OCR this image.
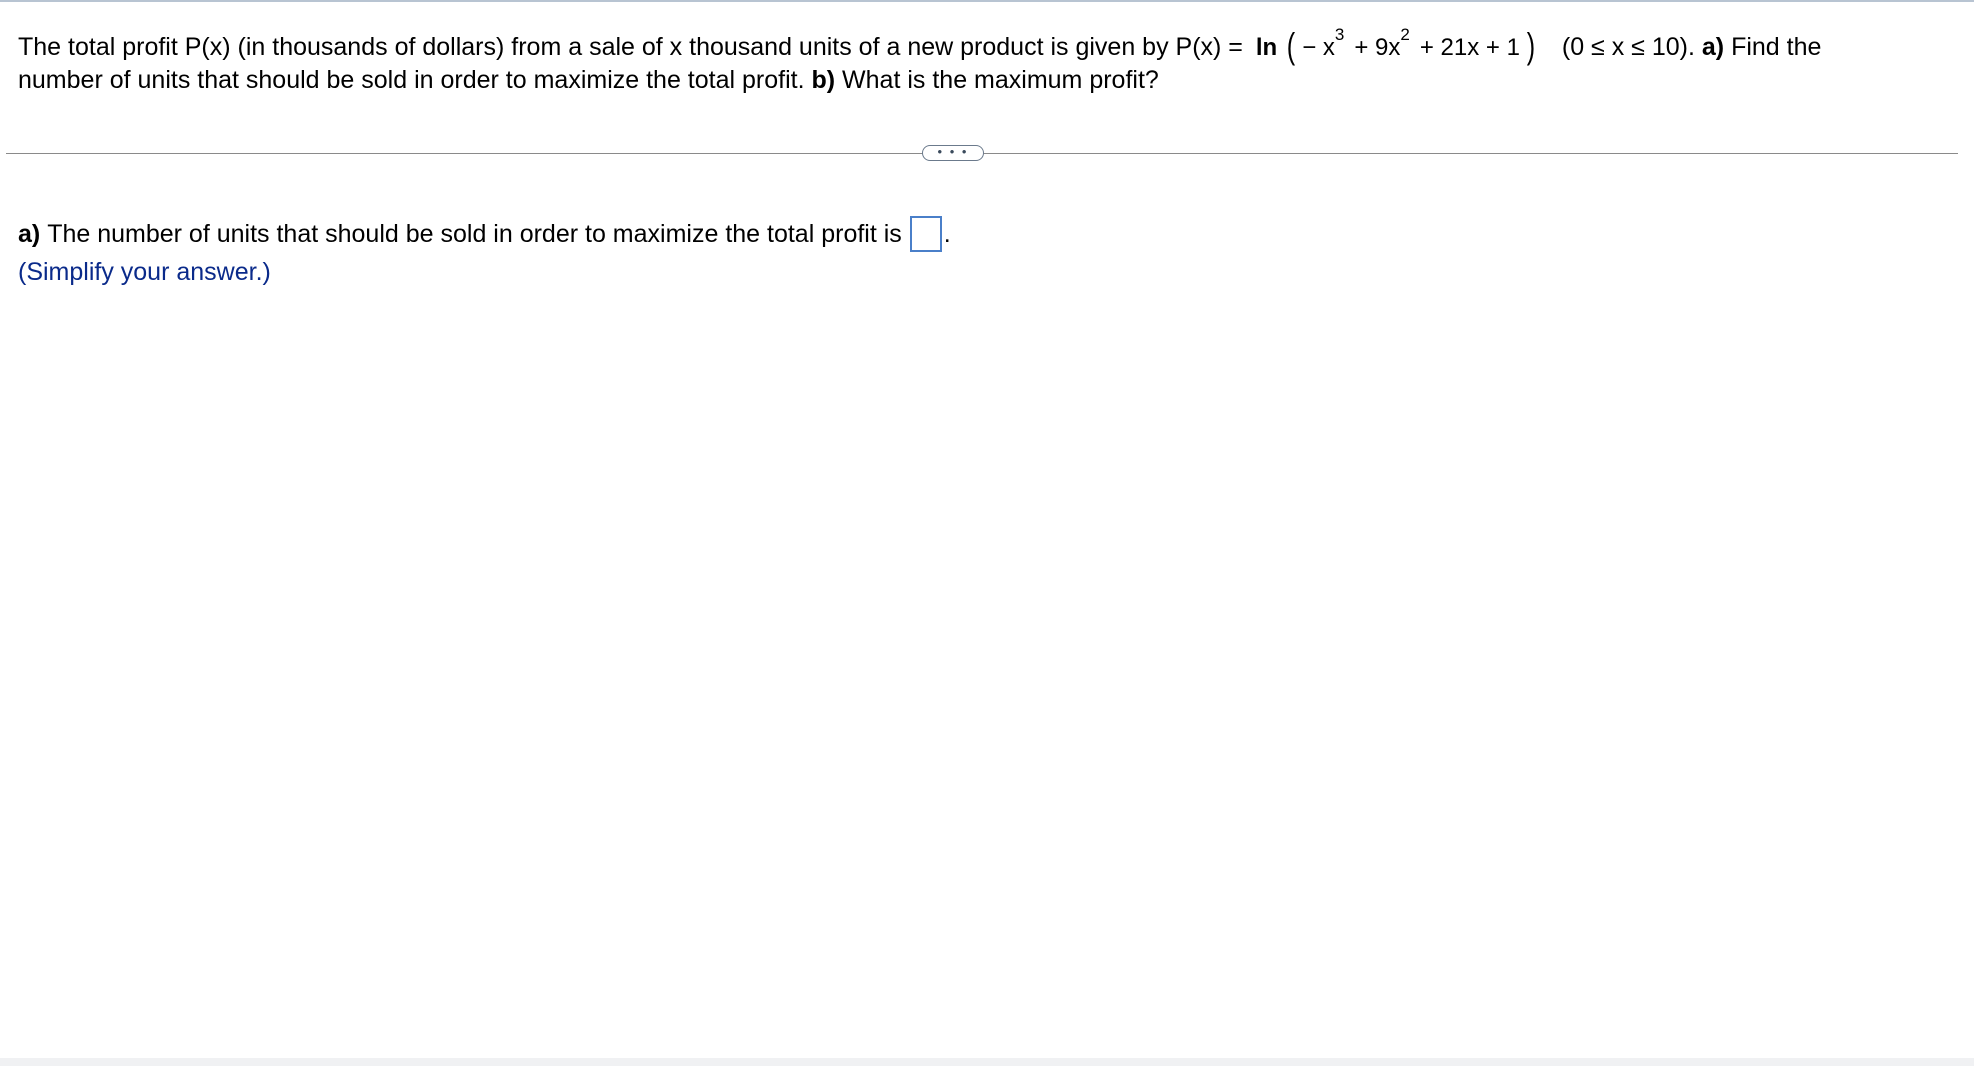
The total profit P(x) (in thousands of dollars) from a sale of x thousand units of a new product is given by P(x) = ln ( − $x^3 + 9x^2 + 21x + 1$ ) (0 ≤ x ≤ 10). a) Find the
number of units that should be sold in order to maximize the total profit. b) What is the maximum profit?
• • •
a)
The number of units that should be sold in order to maximize the total profit is .
(Simplify your answer.)
